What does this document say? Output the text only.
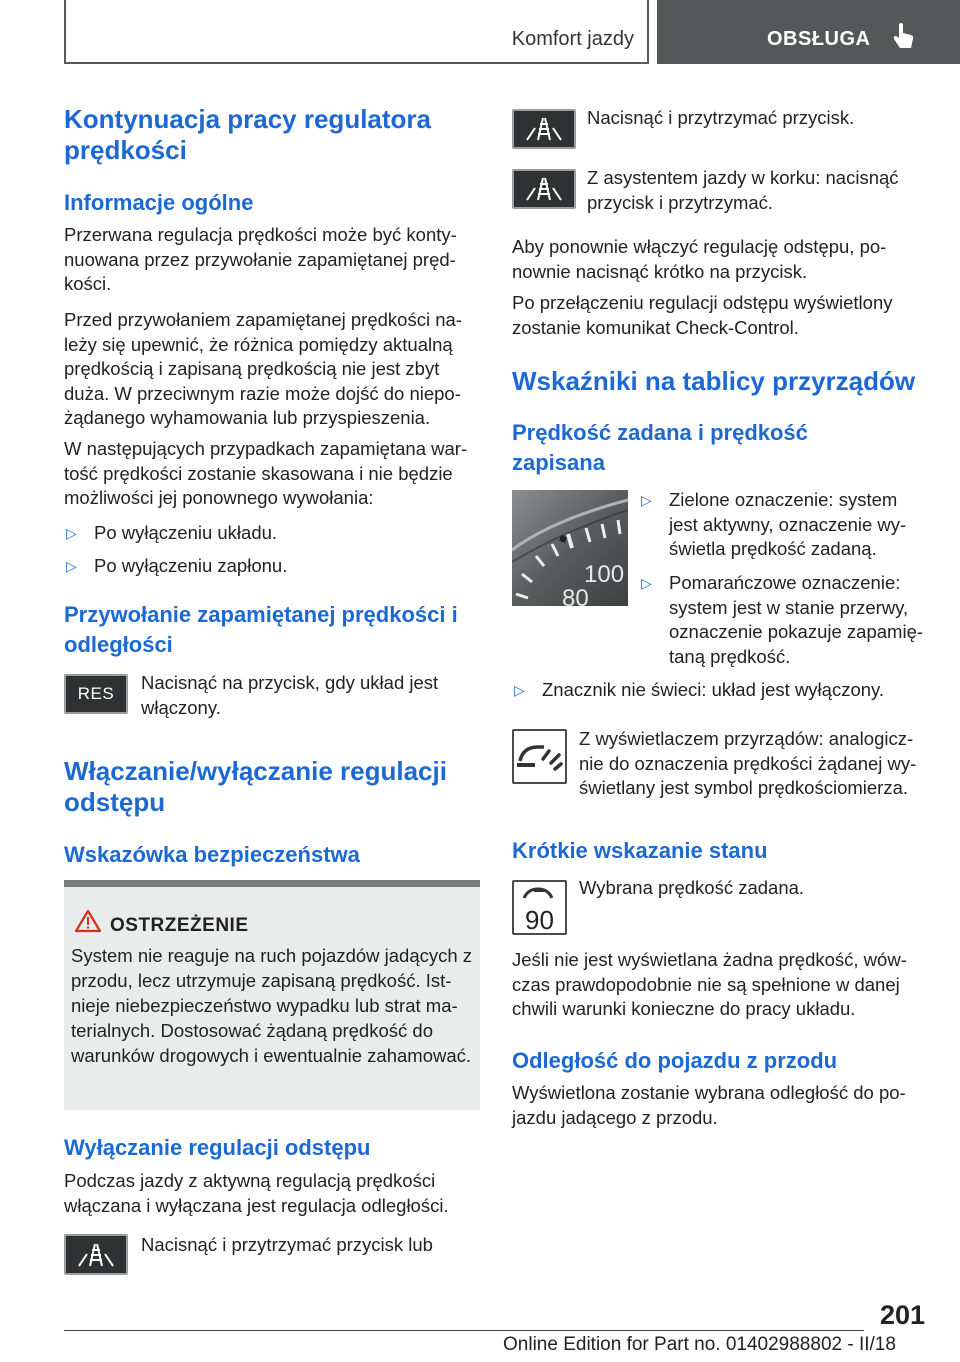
Komfort jazdy	OBSŁUGA
Kontynuacja pracy regulatora prędkości
Informacje ogólne
Przerwana regulacja prędkości może być kontynuowana przez przywołanie zapamiętanej prędkości.
Przed przywołaniem zapamiętanej prędkości należy się upewnić, że różnica pomiędzy aktualną prędkością i zapisaną prędkością nie jest zbyt duża. W przeciwnym razie może dojść do niepożądanego wyhamowania lub przyspieszenia.
W następujących przypadkach zapamiętana wartość prędkości zostanie skasowana i nie będzie możliwości jej ponownego wywołania:
▷ Po wyłączeniu układu.
▷ Po wyłączeniu zapłonu.
Przywołanie zapamiętanej prędkości i odległości
RES
Nacisnąć na przycisk, gdy układ jest włączony.
Włączanie/wyłączanie regulacji odstępu
Wskazówka bezpieczeństwa
OSTRZEŻENIE
System nie reaguje na ruch pojazdów jadących z przodu, lecz utrzymuje zapisaną prędkość. Istnieje niebezpieczeństwo wypadku lub strat materialnych. Dostosować żądaną prędkość do warunków drogowych i ewentualnie zahamować.
Wyłączanie regulacji odstępu
Podczas jazdy z aktywną regulacją prędkości włączana i wyłączana jest regulacja odległości.
Nacisnąć i przytrzymać przycisk lub
Nacisnąć i przytrzymać przycisk.
Z asystentem jazdy w korku: nacisnąć przycisk i przytrzymać.
Aby ponownie włączyć regulację odstępu, ponownie nacisnąć krótko na przycisk.
Po przełączeniu regulacji odstępu wyświetlony zostanie komunikat Check-Control.
Wskaźniki na tablicy przyrządów
Prędkość zadana i prędkość zapisana
100
80
▷ Zielone oznaczenie: system jest aktywny, oznaczenie wyświetla prędkość zadaną.
▷ Pomarańczowe oznaczenie: system jest w stanie przerwy, oznaczenie pokazuje zapamiętaną prędkość.
▷ Znacznik nie świeci: układ jest wyłączony.
Z wyświetlaczem przyrządów: analogicznie do oznaczenia prędkości żądanej wyświetlany jest symbol prędkościomierza.
Krótkie wskazanie stanu
90
Wybrana prędkość zadana.
Jeśli nie jest wyświetlana żadna prędkość, wówczas prawdopodobnie nie są spełnione w danej chwili warunki konieczne do pracy układu.
Odległość do pojazdu z przodu
Wyświetlona zostanie wybrana odległość do pojazdu jadącego z przodu.
201
Online Edition for Part no. 01402988802 - II/18
